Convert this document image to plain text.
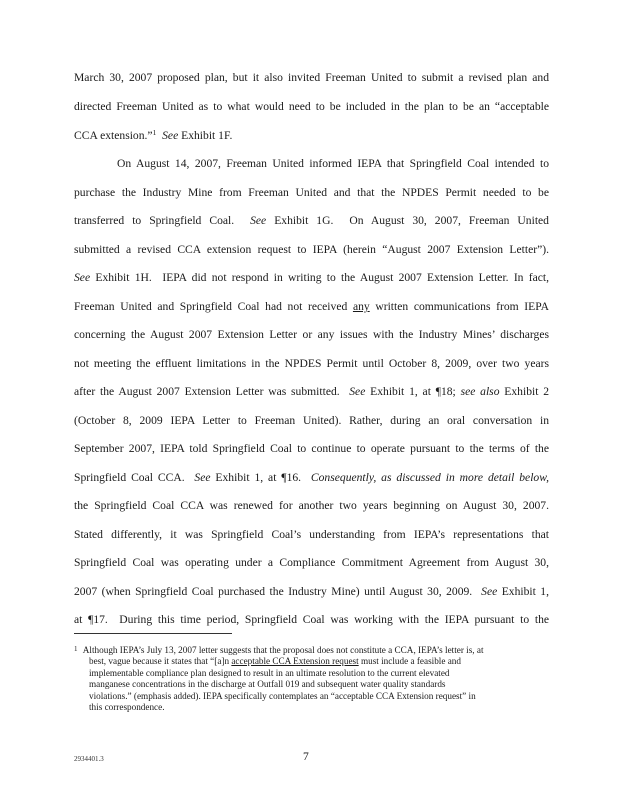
March 30, 2007 proposed plan, but it also invited Freeman United to submit a revised plan and
directed Freeman United as to what would need to be included in the plan to be an “acceptable
CCA extension.”$^1$ See Exhibit 1F.
On August 14, 2007, Freeman United informed IEPA that Springfield Coal intended to
purchase the Industry Mine from Freeman United and that the NPDES Permit needed to be
transferred to Springfield Coal. See Exhibit 1G. On August 30, 2007, Freeman United
submitted a revised CCA extension request to IEPA (herein “August 2007 Extension Letter”).
See Exhibit 1H. IEPA did not respond in writing to the August 2007 Extension Letter. In fact,
Freeman United and Springfield Coal had not received any written communications from IEPA
concerning the August 2007 Extension Letter or any issues with the Industry Mines’ discharges
not meeting the effluent limitations in the NPDES Permit until October 8, 2009, over two years
after the August 2007 Extension Letter was submitted. See Exhibit 1, at ¶18; see also Exhibit 2
(October 8, 2009 IEPA Letter to Freeman United). Rather, during an oral conversation in
September 2007, IEPA told Springfield Coal to continue to operate pursuant to the terms of the
Springfield Coal CCA. See Exhibit 1, at ¶16. Consequently, as discussed in more detail below,
the Springfield Coal CCA was renewed for another two years beginning on August 30, 2007.
Stated differently, it was Springfield Coal’s understanding from IEPA’s representations that
Springfield Coal was operating under a Compliance Commitment Agreement from August 30,
2007 (when Springfield Coal purchased the Industry Mine) until August 30, 2009. See Exhibit 1,
at ¶17. During this time period, Springfield Coal was working with the IEPA pursuant to the
$^1$ Although IEPA’s July 13, 2007 letter suggests that the proposal does not constitute a CCA, IEPA’s letter is, at
best, vague because it states that “[a]n acceptable CCA Extension request must include a feasible and
implementable compliance plan designed to result in an ultimate resolution to the current elevated
manganese concentrations in the discharge at Outfall 019 and subsequent water quality standards
violations.” (emphasis added). IEPA specifically contemplates an “acceptable CCA Extension request” in
this correspondence.
7
2934401.3
